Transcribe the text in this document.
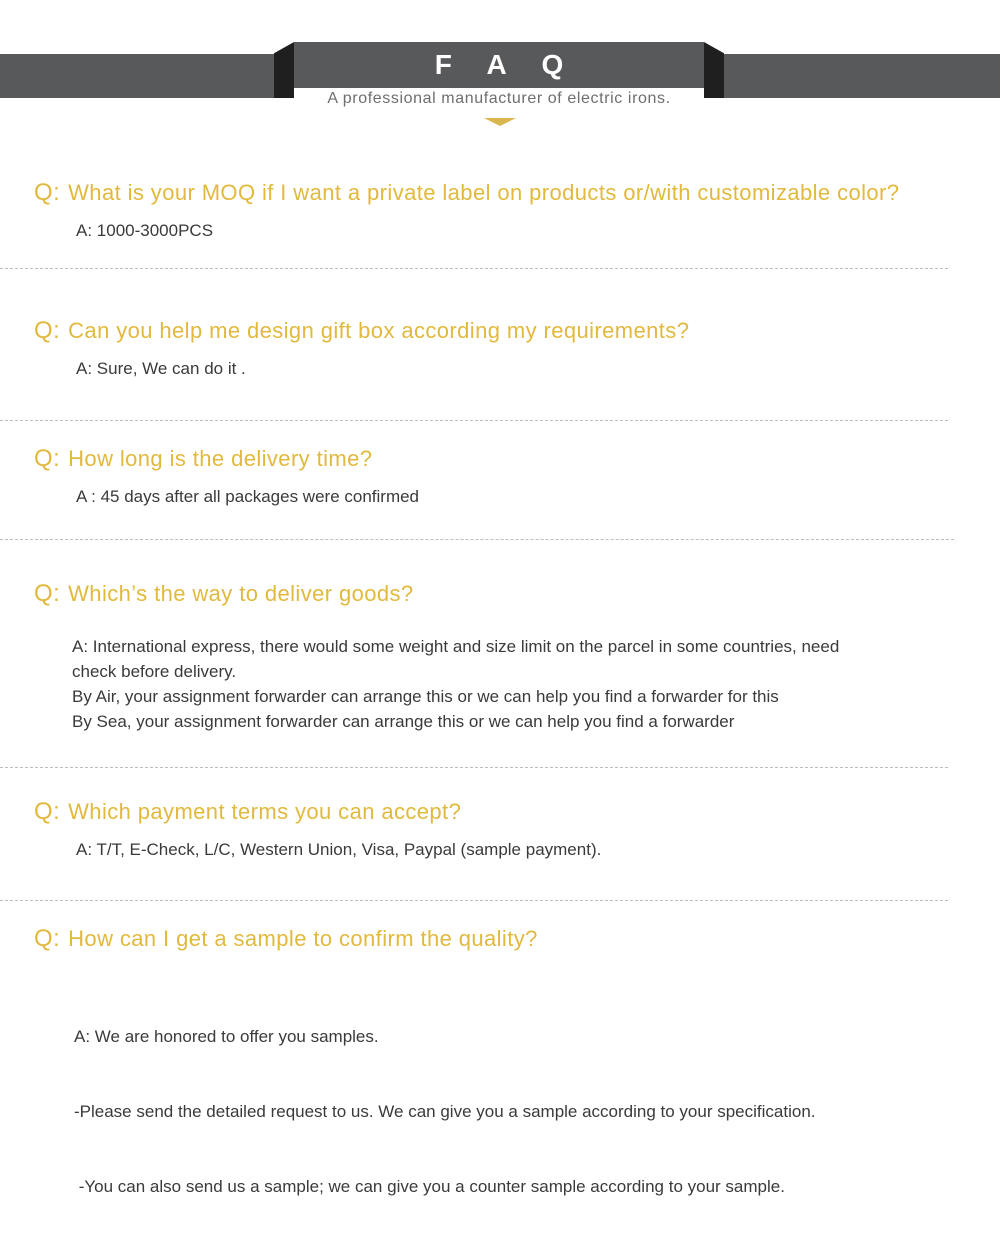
F A Q
A professional manufacturer of electric irons.
Q: What is your MOQ if I want a private label on products or/with customizable color?
A: 1000-3000PCS
Q: Can you help me design gift box according my requirements?
A: Sure, We can do it .
Q: How long is the delivery time?
A : 45 days after all packages were confirmed
Q: Which’s the way to deliver goods?
A: International express, there would some weight and size limit on the parcel in some countries, need
check before delivery.
By Air, your assignment forwarder can arrange this or we can help you find a forwarder for this
By Sea, your assignment forwarder can arrange this or we can help you find a forwarder
Q: Which payment terms you can accept?
A: T/T, E-Check, L/C, Western Union, Visa, Paypal (sample payment).
Q: How can I get a sample to confirm the quality?

A: We are honored to offer you samples.

-Please send the detailed request to us. We can give you a sample according to your specification.

-You can also send us a sample; we can give you a counter sample according to your sample.
